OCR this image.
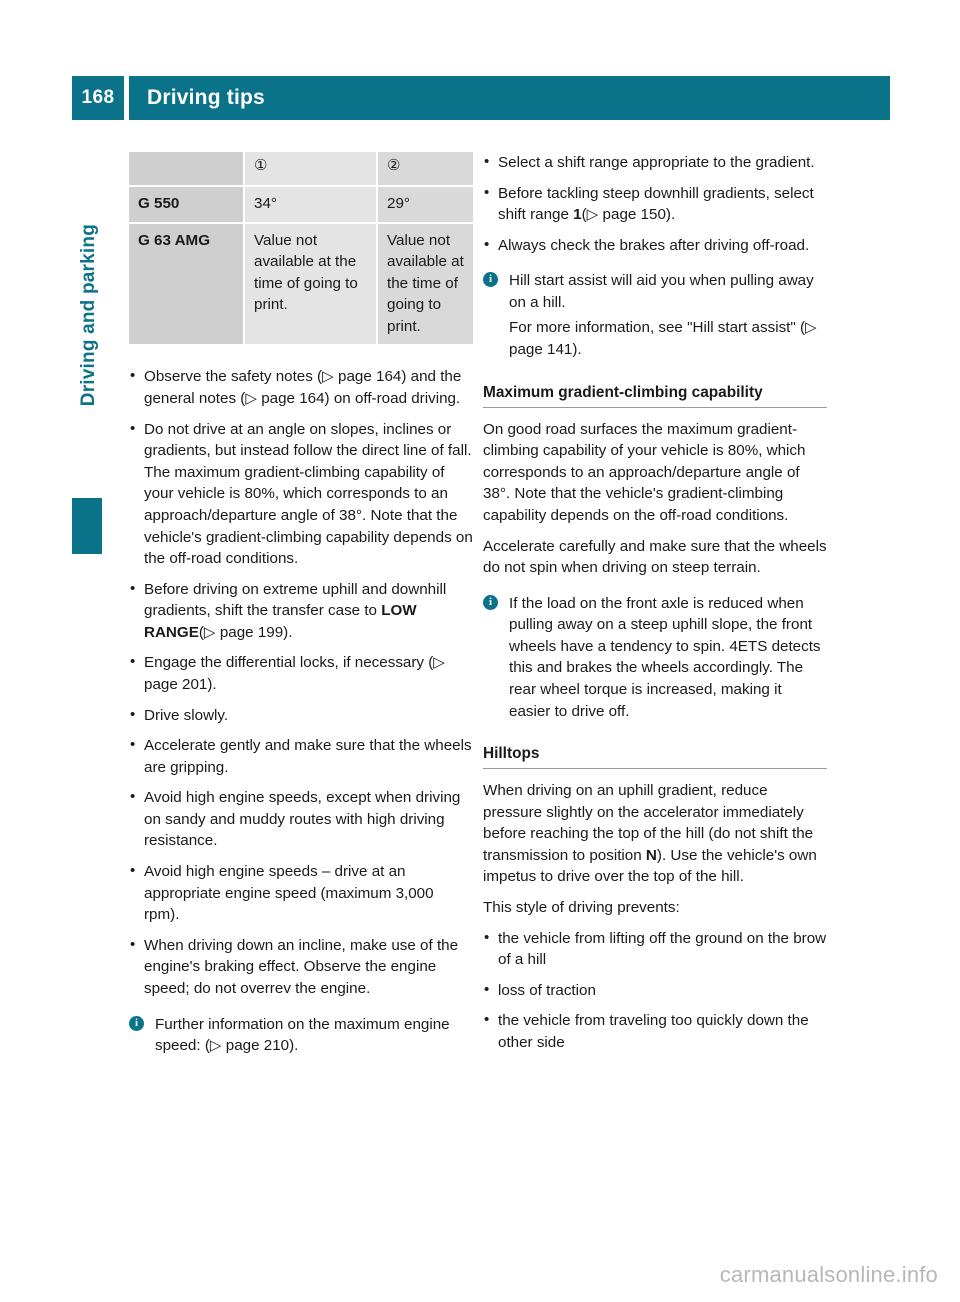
168	Driving tips
Driving and parking
	①	②
G 550	34°	29°
G 63 AMG	Value not available at the time of going to print.	Value not available at the time of going to print.
• Observe the safety notes (▷ page 164) and the general notes (▷ page 164) on off-road driving.
• Do not drive at an angle on slopes, inclines or gradients, but instead follow the direct line of fall. The maximum gradient-climbing capability of your vehicle is 80%, which corresponds to an approach/departure angle of 38°. Note that the vehicle's gradient-climbing capability depends on the off-road conditions.
• Before driving on extreme uphill and downhill gradients, shift the transfer case to LOW RANGE(▷ page 199).
• Engage the differential locks, if necessary (▷ page 201).
• Drive slowly.
• Accelerate gently and make sure that the wheels are gripping.
• Avoid high engine speeds, except when driving on sandy and muddy routes with high driving resistance.
• Avoid high engine speeds – drive at an appropriate engine speed (maximum 3,000 rpm).
• When driving down an incline, make use of the engine's braking effect. Observe the engine speed; do not overrev the engine.
i	Further information on the maximum engine speed: (▷ page 210).

• Select a shift range appropriate to the gradient.
• Before tackling steep downhill gradients, select shift range 1(▷ page 150).
• Always check the brakes after driving off-road.
i	Hill start assist will aid you when pulling away on a hill.

For more information, see "Hill start assist" (▷ page 141).

Maximum gradient-climbing capability

On good road surfaces the maximum gradient-climbing capability of your vehicle is 80%, which corresponds to an approach/departure angle of 38°. Note that the vehicle's gradient-climbing capability depends on the off-road conditions.

Accelerate carefully and make sure that the wheels do not spin when driving on steep terrain.

i	If the load on the front axle is reduced when pulling away on a steep uphill slope, the front wheels have a tendency to spin. 4ETS detects this and brakes the wheels accordingly. The rear wheel torque is increased, making it easier to drive off.

Hilltops

When driving on an uphill gradient, reduce pressure slightly on the accelerator immediately before reaching the top of the hill (do not shift the transmission to position N). Use the vehicle's own impetus to drive over the top of the hill.

This style of driving prevents:

• the vehicle from lifting off the ground on the brow of a hill
• loss of traction
• the vehicle from traveling too quickly down the other side
carmanualsonline.info
